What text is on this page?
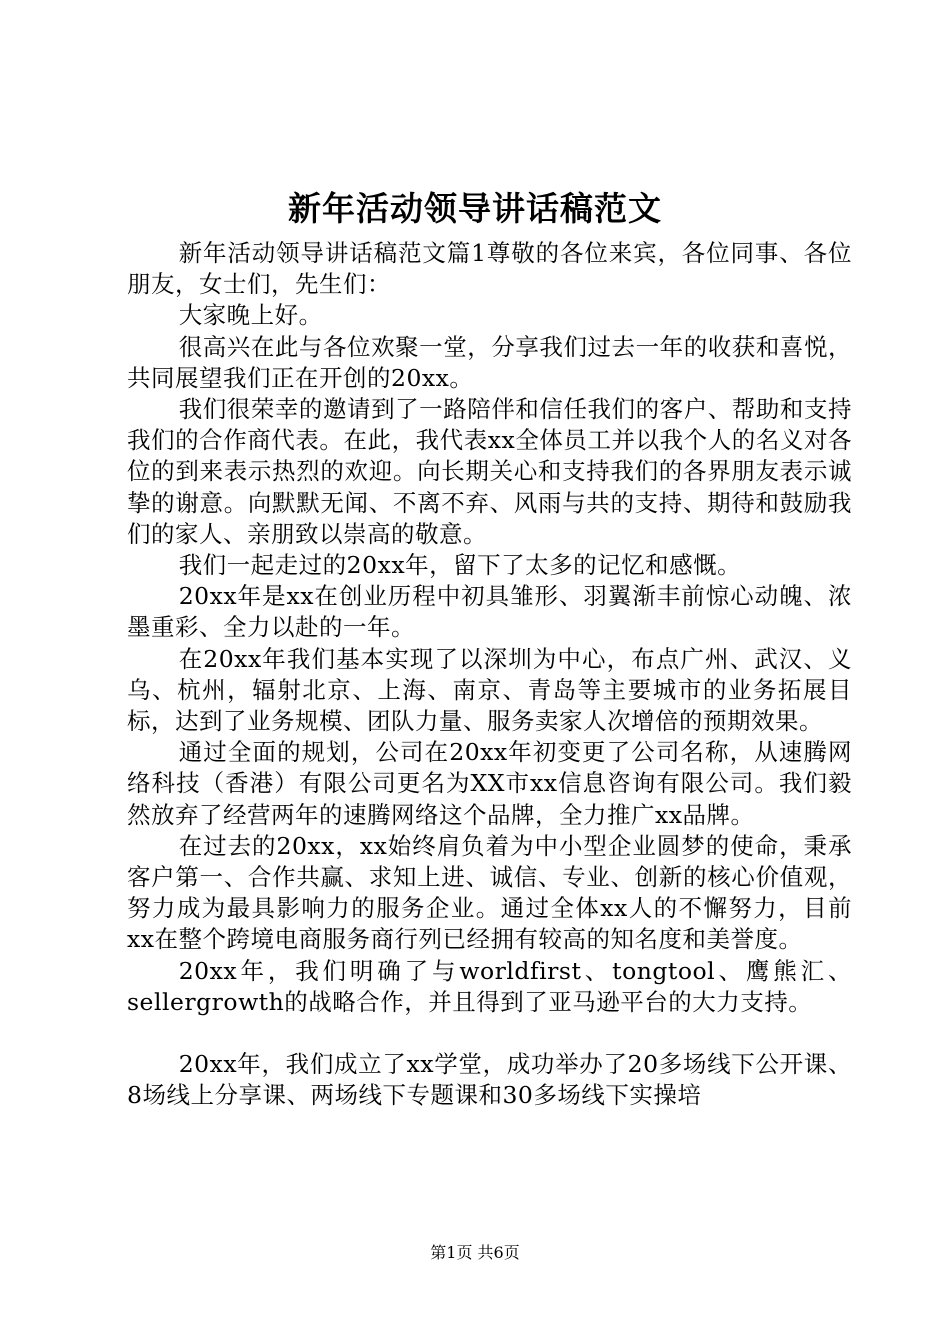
新年活动领导讲话稿范文

新年活动领导讲话稿范文篇1尊敬的各位来宾，各位同事、各位朋友，女士们，先生们：

大家晚上好。

很高兴在此与各位欢聚一堂，分享我们过去一年的收获和喜悦，共同展望我们正在开创的20xx。

我们很荣幸的邀请到了一路陪伴和信任我们的客户、帮助和支持我们的合作商代表。在此，我代表xx全体员工并以我个人的名义对各位的到来表示热烈的欢迎。向长期关心和支持我们的各界朋友表示诚挚的谢意。向默默无闻、不离不弃、风雨与共的支持、期待和鼓励我们的家人、亲朋致以崇高的敬意。

我们一起走过的20xx年，留下了太多的记忆和感慨。

20xx年是xx在创业历程中初具雏形、羽翼渐丰前惊心动魄、浓墨重彩、全力以赴的一年。

在20xx年我们基本实现了以深圳为中心，布点广州、武汉、义乌、杭州，辐射北京、上海、南京、青岛等主要城市的业务拓展目标，达到了业务规模、团队力量、服务卖家人次增倍的预期效果。

通过全面的规划，公司在20xx年初变更了公司名称，从速腾网络科技（香港）有限公司更名为XX市xx信息咨询有限公司。我们毅然放弃了经营两年的速腾网络这个品牌，全力推广xx品牌。

在过去的20xx，xx始终肩负着为中小型企业圆梦的使命，秉承客户第一、合作共赢、求知上进、诚信、专业、创新的核心价值观，努力成为最具影响力的服务企业。通过全体xx人的不懈努力，目前xx在整个跨境电商服务商行列已经拥有较高的知名度和美誉度。

20xx年，我们明确了与worldfirst、tongtool、鹰熊汇、sellergrowth的战略合作，并且得到了亚马逊平台的大力支持。

20xx年，我们成立了xx学堂，成功举办了20多场线下公开课、8场线上分享课、两场线下专题课和30多场线下实操培

第1页 共6页
